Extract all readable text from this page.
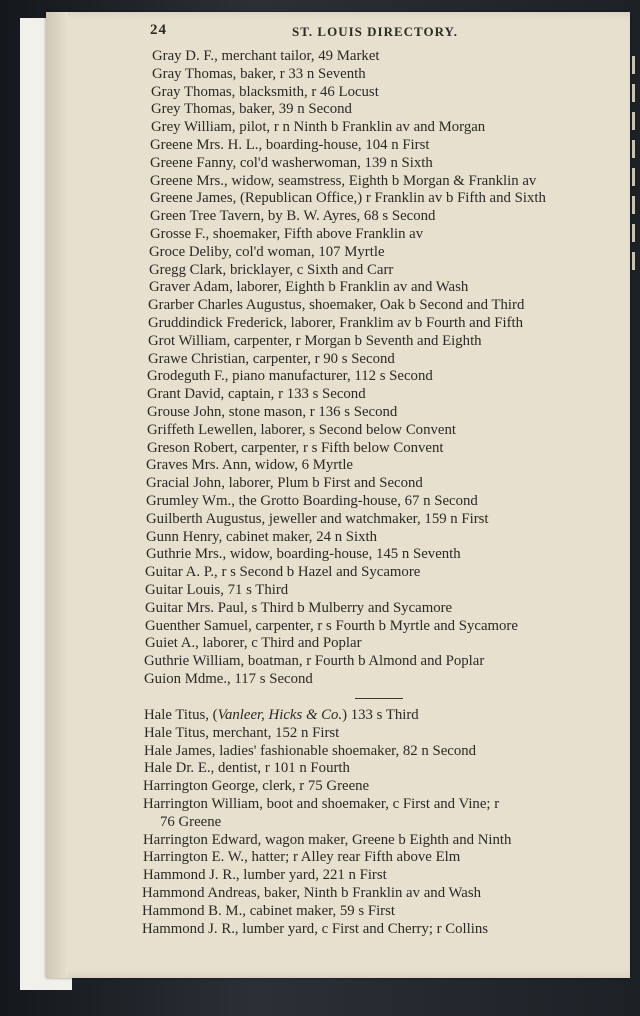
24	ST. LOUIS DIRECTORY.
Gray D. F., merchant tailor, 49 Market
Gray Thomas, baker, r 33 n Seventh
Gray Thomas, blacksmith, r 46 Locust
Grey Thomas, baker, 39 n Second
Grey William, pilot, r n Ninth b Franklin av and Morgan
Greene Mrs. H. L., boarding-house, 104 n First
Greene Fanny, col'd washerwoman, 139 n Sixth
Greene Mrs., widow, seamstress, Eighth b Morgan & Franklin av
Greene James, (Republican Office,) r Franklin av b Fifth and Sixth
Green Tree Tavern, by B. W. Ayres, 68 s Second
Grosse F., shoemaker, Fifth above Franklin av
Groce Deliby, col'd woman, 107 Myrtle
Gregg Clark, bricklayer, c Sixth and Carr
Graver Adam, laborer, Eighth b Franklin av and Wash
Grarber Charles Augustus, shoemaker, Oak b Second and Third
Gruddindick Frederick, laborer, Franklim av b Fourth and Fifth
Grot William, carpenter, r Morgan b Seventh and Eighth
Grawe Christian, carpenter, r 90 s Second
Grodeguth F., piano manufacturer, 112 s Second
Grant David, captain, r 133 s Second
Grouse John, stone mason, r 136 s Second
Griffeth Lewellen, laborer, s Second below Convent
Greson Robert, carpenter, r s Fifth below Convent
Graves Mrs. Ann, widow, 6 Myrtle
Gracial John, laborer, Plum b First and Second
Grumley Wm., the Grotto Boarding-house, 67 n Second
Guilberth Augustus, jeweller and watchmaker, 159 n First
Gunn Henry, cabinet maker, 24 n Sixth
Guthrie Mrs., widow, boarding-house, 145 n Seventh
Guitar A. P., r s Second b Hazel and Sycamore
Guitar Louis, 71 s Third
Guitar Mrs. Paul, s Third b Mulberry and Sycamore
Guenther Samuel, carpenter, r s Fourth b Myrtle and Sycamore
Guiet A., laborer, c Third and Poplar
Guthrie William, boatman, r Fourth b Almond and Poplar
Guion Mdme., 117 s Second
Hale Titus, (Vanleer, Hicks & Co.) 133 s Third
Hale Titus, merchant, 152 n First
Hale James, ladies' fashionable shoemaker, 82 n Second
Hale Dr. E., dentist, r 101 n Fourth
Harrington George, clerk, r 75 Greene
Harrington William, boot and shoemaker, c First and Vine; r
76 Greene
Harrington Edward, wagon maker, Greene b Eighth and Ninth
Harrington E. W., hatter; r Alley rear Fifth above Elm
Hammond J. R., lumber yard, 221 n First
Hammond Andreas, baker, Ninth b Franklin av and Wash
Hammond B. M., cabinet maker, 59 s First
Hammond J. R., lumber yard, c First and Cherry; r Collins
